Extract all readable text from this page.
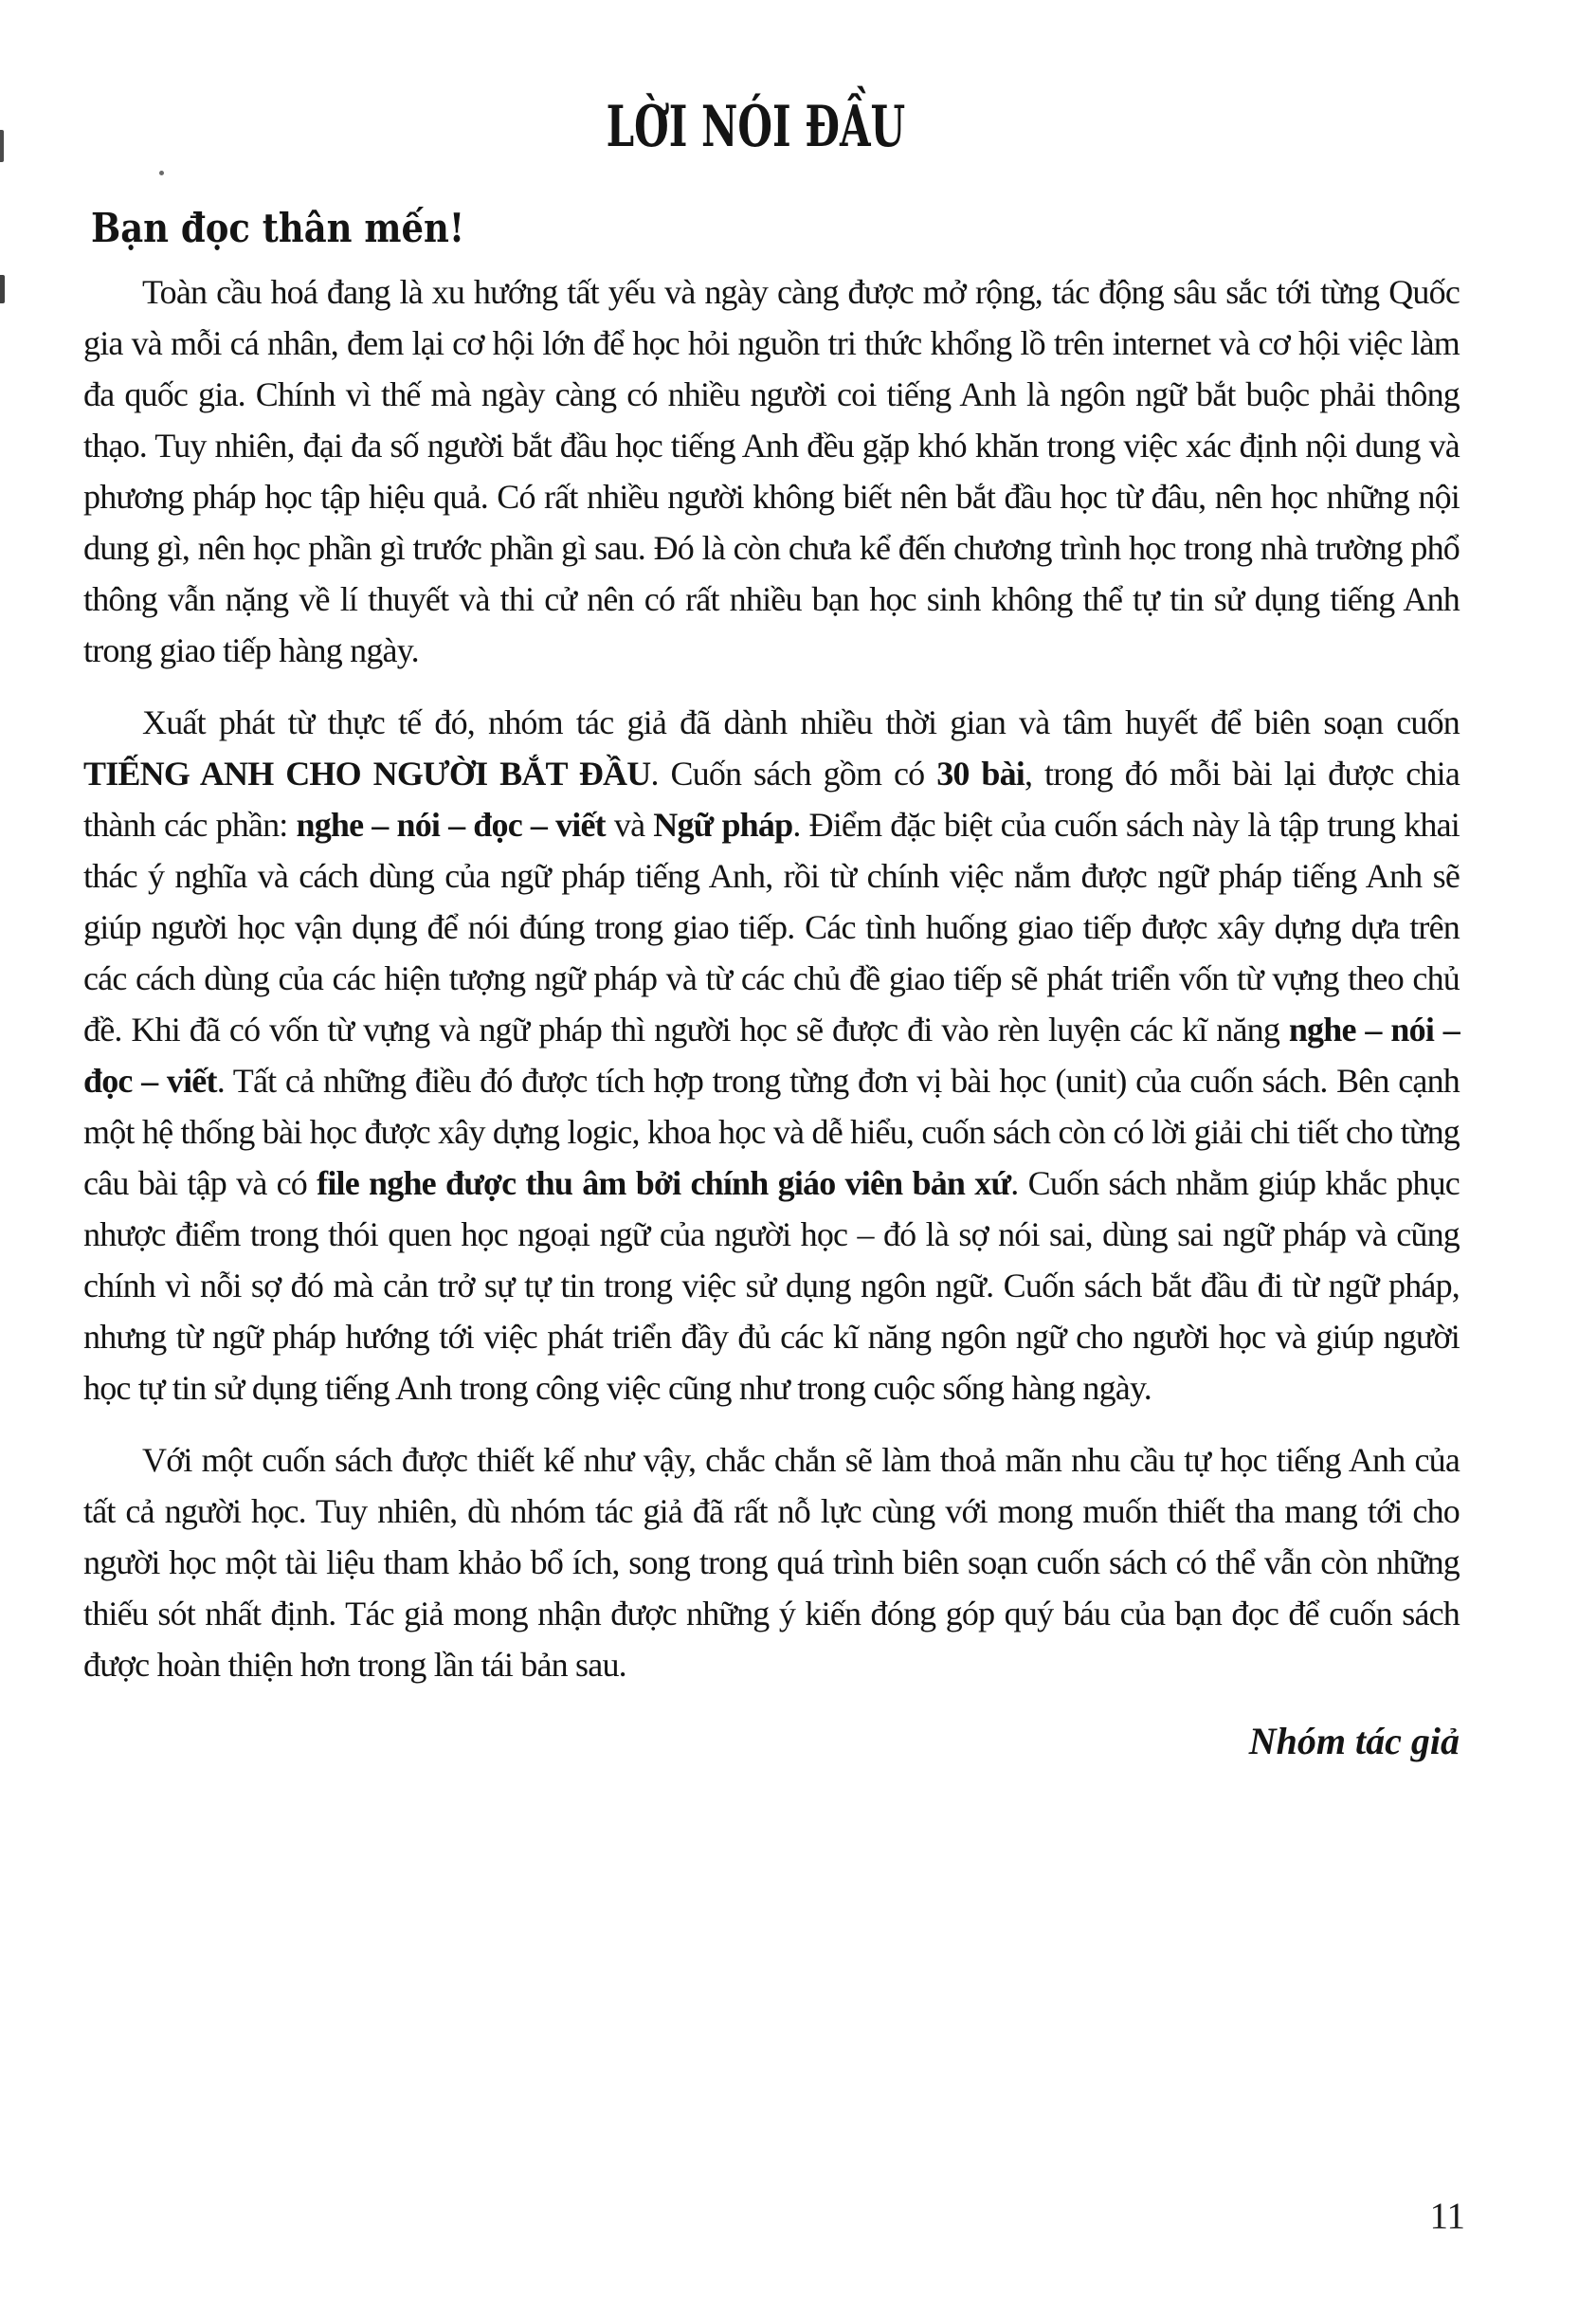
LỜI NÓI ĐẦU
Bạn đọc thân mến!

Toàn cầu hoá đang là xu hướng tất yếu và ngày càng được mở rộng, tác động sâu sắc tới từng Quốc gia và mỗi cá nhân, đem lại cơ hội lớn để học hỏi nguồn tri thức khổng lồ trên internet và cơ hội việc làm đa quốc gia. Chính vì thế mà ngày càng có nhiều người coi tiếng Anh là ngôn ngữ bắt buộc phải thông thạo. Tuy nhiên, đại đa số người bắt đầu học tiếng Anh đều gặp khó khăn trong việc xác định nội dung và phương pháp học tập hiệu quả. Có rất nhiều người không biết nên bắt đầu học từ đâu, nên học những nội dung gì, nên học phần gì trước phần gì sau. Đó là còn chưa kể đến chương trình học trong nhà trường phổ thông vẫn nặng về lí thuyết và thi cử nên có rất nhiều bạn học sinh không thể tự tin sử dụng tiếng Anh trong giao tiếp hàng ngày.

Xuất phát từ thực tế đó, nhóm tác giả đã dành nhiều thời gian và tâm huyết để biên soạn cuốn TIẾNG ANH CHO NGƯỜI BẮT ĐẦU. Cuốn sách gồm có 30 bài, trong đó mỗi bài lại được chia thành các phần: nghe – nói – đọc – viết và Ngữ pháp. Điểm đặc biệt của cuốn sách này là tập trung khai thác ý nghĩa và cách dùng của ngữ pháp tiếng Anh, rồi từ chính việc nắm được ngữ pháp tiếng Anh sẽ giúp người học vận dụng để nói đúng trong giao tiếp. Các tình huống giao tiếp được xây dựng dựa trên các cách dùng của các hiện tượng ngữ pháp và từ các chủ đề giao tiếp sẽ phát triển vốn từ vựng theo chủ đề. Khi đã có vốn từ vựng và ngữ pháp thì người học sẽ được đi vào rèn luyện các kĩ năng nghe – nói – đọc – viết. Tất cả những điều đó được tích hợp trong từng đơn vị bài học (unit) của cuốn sách. Bên cạnh một hệ thống bài học được xây dựng logic, khoa học và dễ hiểu, cuốn sách còn có lời giải chi tiết cho từng câu bài tập và có file nghe được thu âm bởi chính giáo viên bản xứ. Cuốn sách nhằm giúp khắc phục nhược điểm trong thói quen học ngoại ngữ của người học – đó là sợ nói sai, dùng sai ngữ pháp và cũng chính vì nỗi sợ đó mà cản trở sự tự tin trong việc sử dụng ngôn ngữ. Cuốn sách bắt đầu đi từ ngữ pháp, nhưng từ ngữ pháp hướng tới việc phát triển đầy đủ các kĩ năng ngôn ngữ cho người học và giúp người học tự tin sử dụng tiếng Anh trong công việc cũng như trong cuộc sống hàng ngày.

Với một cuốn sách được thiết kế như vậy, chắc chắn sẽ làm thoả mãn nhu cầu tự học tiếng Anh của tất cả người học. Tuy nhiên, dù nhóm tác giả đã rất nỗ lực cùng với mong muốn thiết tha mang tới cho người học một tài liệu tham khảo bổ ích, song trong quá trình biên soạn cuốn sách có thể vẫn còn những thiếu sót nhất định. Tác giả mong nhận được những ý kiến đóng góp quý báu của bạn đọc để cuốn sách được hoàn thiện hơn trong lần tái bản sau.

Nhóm tác giả
11
